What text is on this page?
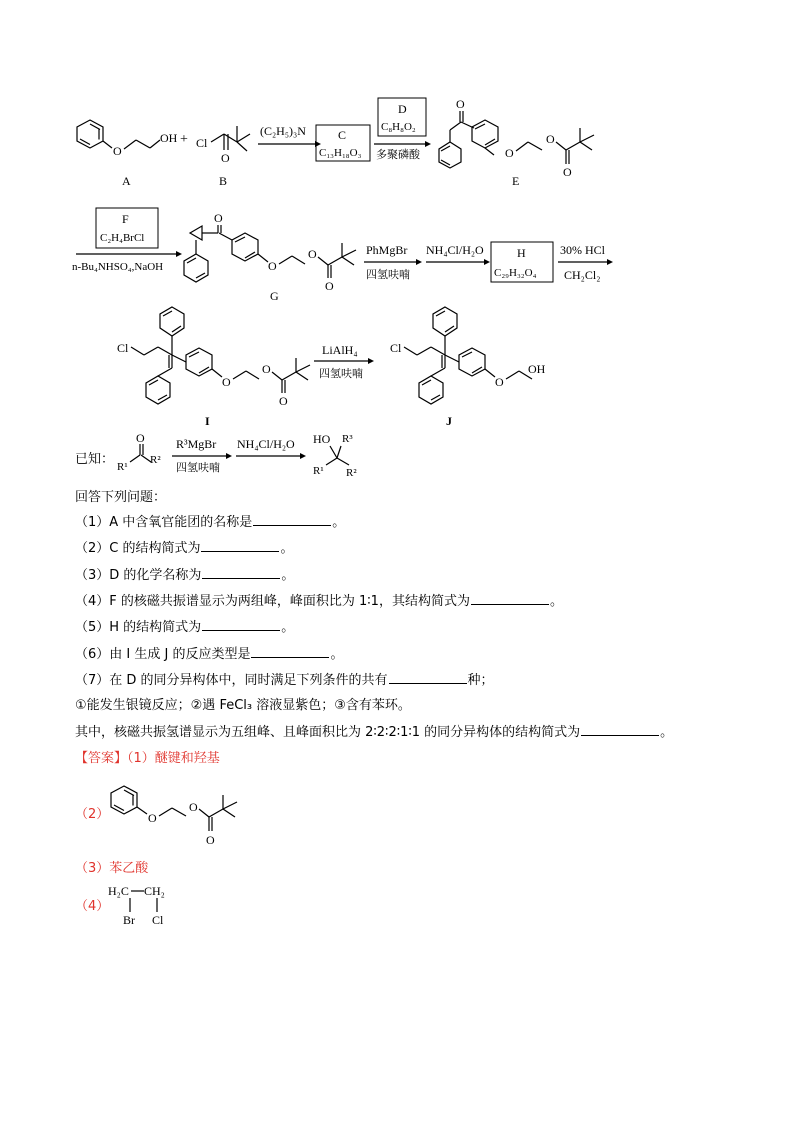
O
OH
A
+ Cl
O
B
(C₂H₅)₃N	C
C₁₃H₁₈O₃
D
C₈H₈O₂
多聚磷酸
O
O
O
O
E
F
C₂H₄BrCl
n-Bu₄NHSO₄,NaOH
O
O
O
O
G
PhMgBr
四氢呋喃
NH₄Cl/H₂O	H
C₂₉H₃₂O₄
30% HCl
CH₂Cl₂
Cl
O
O
O
I
LiAlH₄
四氢呋喃
Cl
O
OH
J
已知： R¹
O
R²
R³MgBr
四氢呋喃
NH₄Cl/H₂O HO R³
R¹ R²
回答下列问题：
（1）A 中含氧官能团的名称是	。
（2）C 的结构简式为	。
（3）D 的化学名称为	。
（4）F 的核磁共振谱显示为两组峰，峰面积比为 1∶1，其结构简式为	。
（5）H 的结构简式为	。
（6）由 I 生成 J 的反应类型是	。
（7）在 D 的同分异构体中，同时满足下列条件的共有	种；
①能发生银镜反应；②遇 FeCl₃ 溶液显紫色；③含有苯环。
其中，核磁共振氢谱显示为五组峰、且峰面积比为 2∶2∶2∶1∶1 的同分异构体的结构简式为	。
【答案】（1）醚键和羟基
（2）	O
O
O
（3）苯乙酸
（4）
H₂C CH₂
Br Cl
